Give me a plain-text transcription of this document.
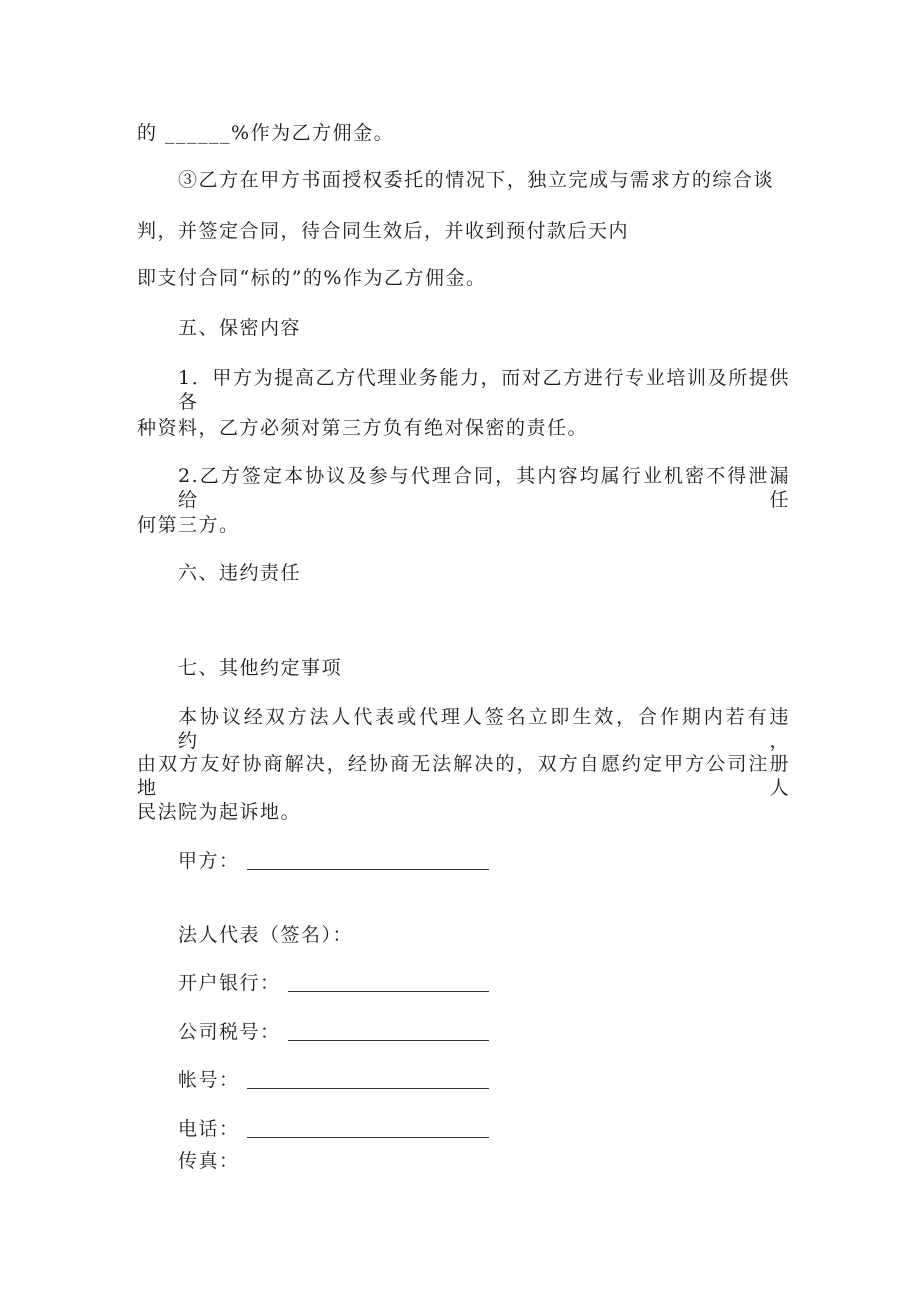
的 ______%作为乙方佣金。
③乙方在甲方书面授权委托的情况下，独立完成与需求方的综合谈
判，并签定合同，待合同生效后，并收到预付款后天内
即支付合同“标的”的%作为乙方佣金。
五、保密内容
1．甲方为提高乙方代理业务能力，而对乙方进行专业培训及所提供各
种资料，乙方必须对第三方负有绝对保密的责任。
2.乙方签定本协议及参与代理合同，其内容均属行业机密不得泄漏给任
何第三方。
六、违约责任
七、其他约定事项
本协议经双方法人代表或代理人签名立即生效，合作期内若有违约，
由双方友好协商解决，经协商无法解决的，双方自愿约定甲方公司注册地人
民法院为起诉地。
甲方：
法人代表（签名）：
开户银行：
公司税号：
帐号：
电话：
传真：
